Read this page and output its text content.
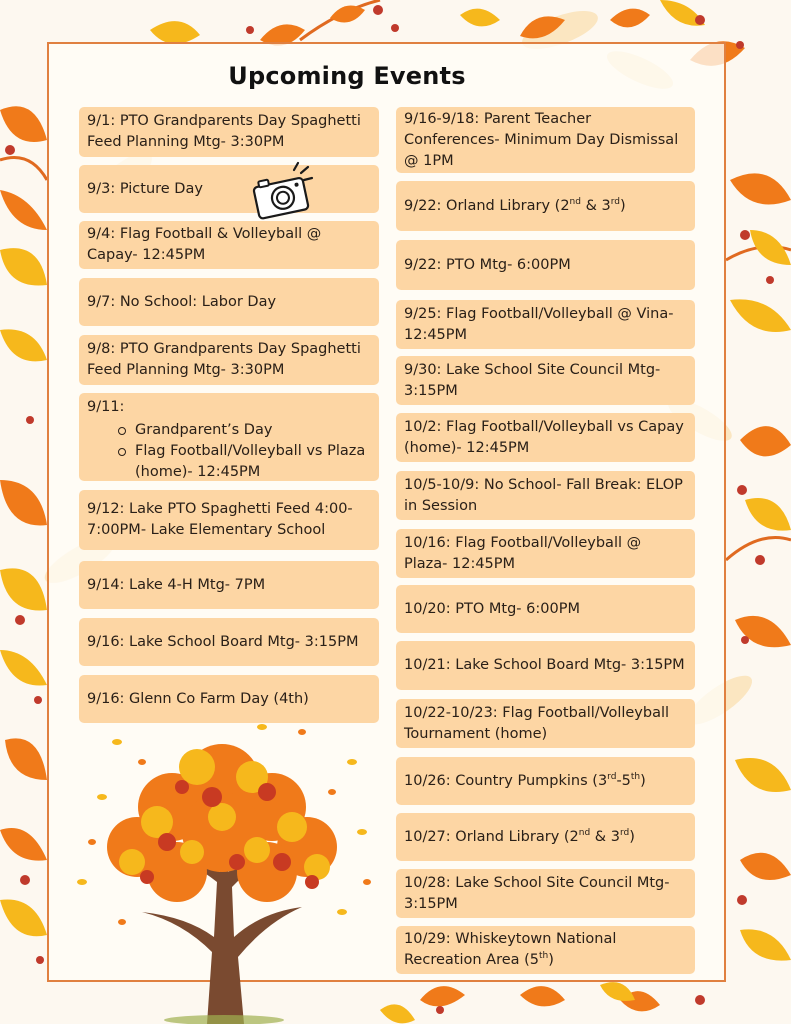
Upcoming Events
9/1: PTO Grandparents Day Spaghetti Feed Planning Mtg- 3:30PM
9/3: Picture Day
9/4: Flag Football & Volleyball @ Capay- 12:45PM
9/7: No School: Labor Day
9/8: PTO Grandparents Day Spaghetti Feed Planning Mtg- 3:30PM
9/11:
Grandparent’s Day
Flag Football/Volleyball vs Plaza (home)- 12:45PM
9/12: Lake PTO Spaghetti Feed 4:00-7:00PM- Lake Elementary School
9/14: Lake 4-H Mtg- 7PM
9/16: Lake School Board Mtg- 3:15PM
9/16: Glenn Co Farm Day (4th)
9/16-9/18: Parent Teacher Conferences- Minimum Day Dismissal @ 1PM
9/22: Orland Library (2nd & 3rd)
9/22: PTO Mtg- 6:00PM
9/25: Flag Football/Volleyball @ Vina-12:45PM
9/30: Lake School Site Council Mtg-3:15PM
10/2: Flag Football/Volleyball vs Capay (home)- 12:45PM
10/5-10/9: No School- Fall Break: ELOP in Session
10/16: Flag Football/Volleyball @ Plaza- 12:45PM
10/20: PTO Mtg- 6:00PM
10/21: Lake School Board Mtg- 3:15PM
10/22-10/23: Flag Football/Volleyball Tournament (home)
10/26: Country Pumpkins (3rd-5th)
10/27: Orland Library (2nd & 3rd)
10/28: Lake School Site Council Mtg-3:15PM
10/29: Whiskeytown National Recreation Area (5th)
